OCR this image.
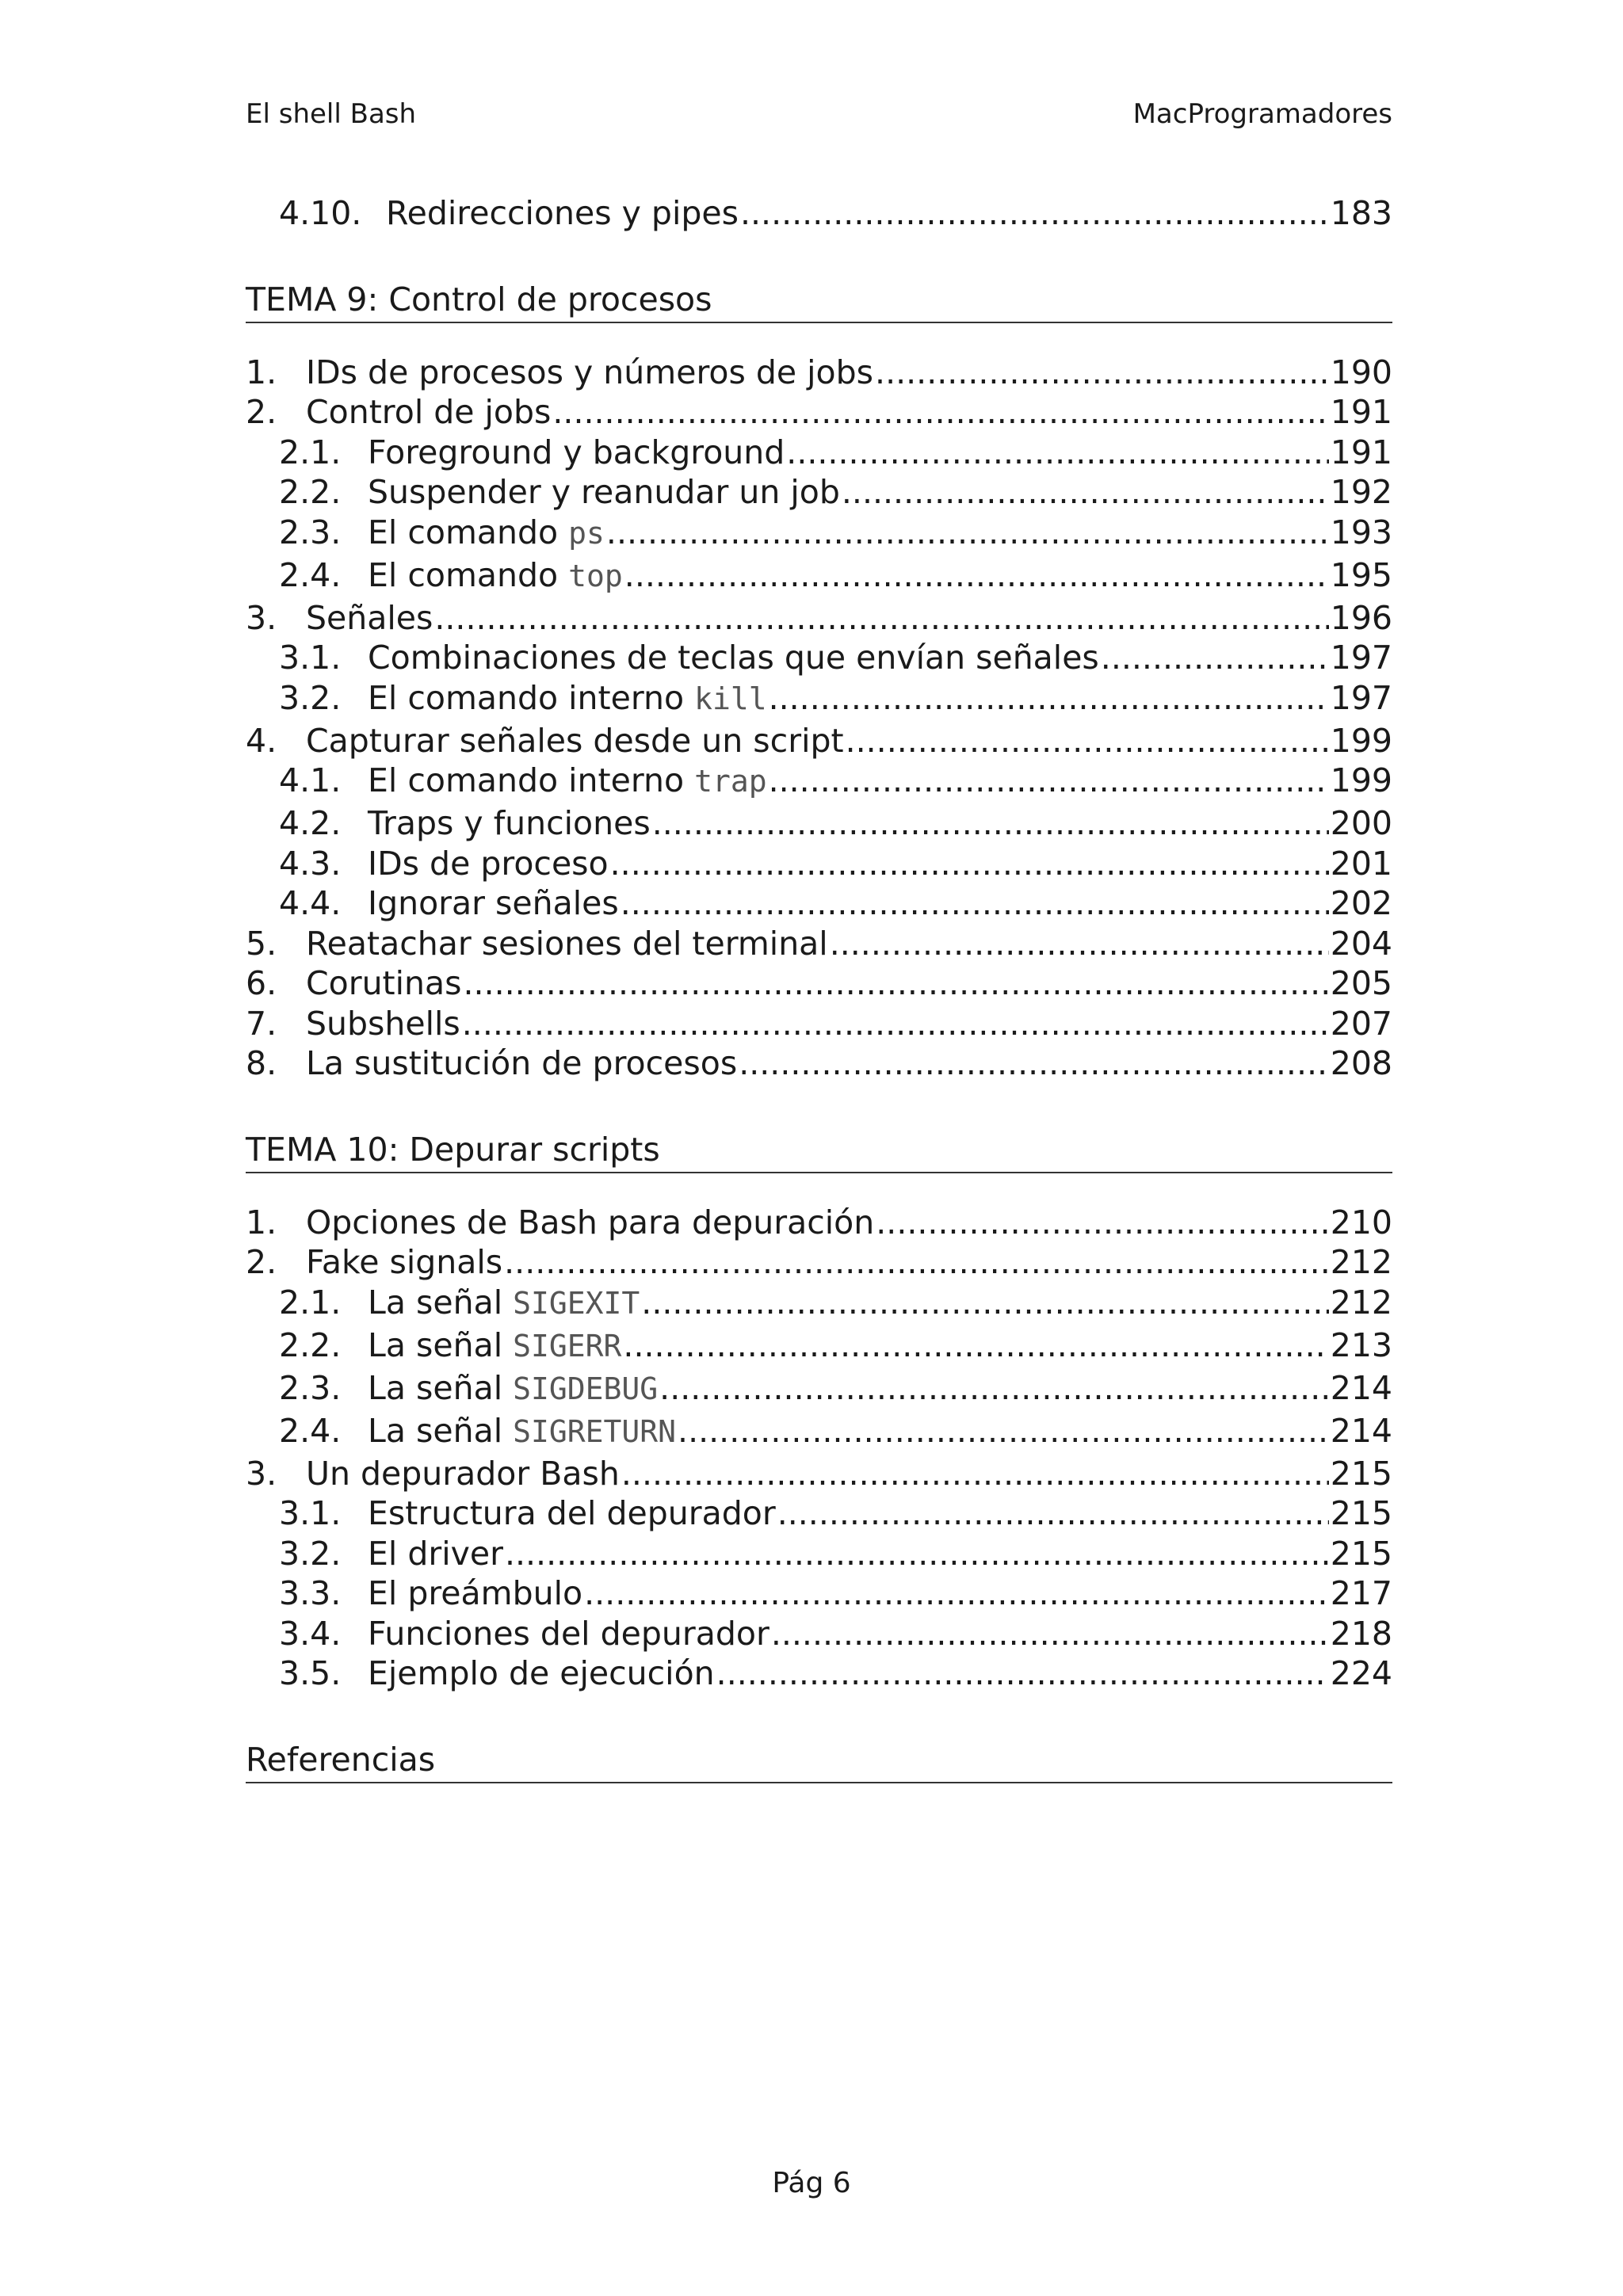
El shell Bash	MacProgramadores
4.10. Redirecciones y pipes .....	183
TEMA 9: Control de procesos
1. IDs de procesos y números de jobs .....	190
2. Control de jobs .....	191
2.1. Foreground y background .....	191
2.2. Suspender y reanudar un job .....	192
2.3. El comando ps .....	193
2.4. El comando top .....	195
3. Señales .....	196
3.1. Combinaciones de teclas que envían señales .....	197
3.2. El comando interno kill .....	197
4. Capturar señales desde un script .....	199
4.1. El comando interno trap .....	199
4.2. Traps y funciones .....	200
4.3. IDs de proceso .....	201
4.4. Ignorar señales .....	202
5. Reatachar sesiones del terminal .....	204
6. Corutinas .....	205
7. Subshells .....	207
8. La sustitución de procesos .....	208
TEMA 10: Depurar scripts
1. Opciones de Bash para depuración .....	210
2. Fake signals .....	212
2.1. La señal SIGEXIT .....	212
2.2. La señal SIGERR .....	213
2.3. La señal SIGDEBUG .....	214
2.4. La señal SIGRETURN .....	214
3. Un depurador Bash .....	215
3.1. Estructura del depurador .....	215
3.2. El driver .....	215
3.3. El preámbulo .....	217
3.4. Funciones del depurador .....	218
3.5. Ejemplo de ejecución .....	224
Referencias
Pág 6
